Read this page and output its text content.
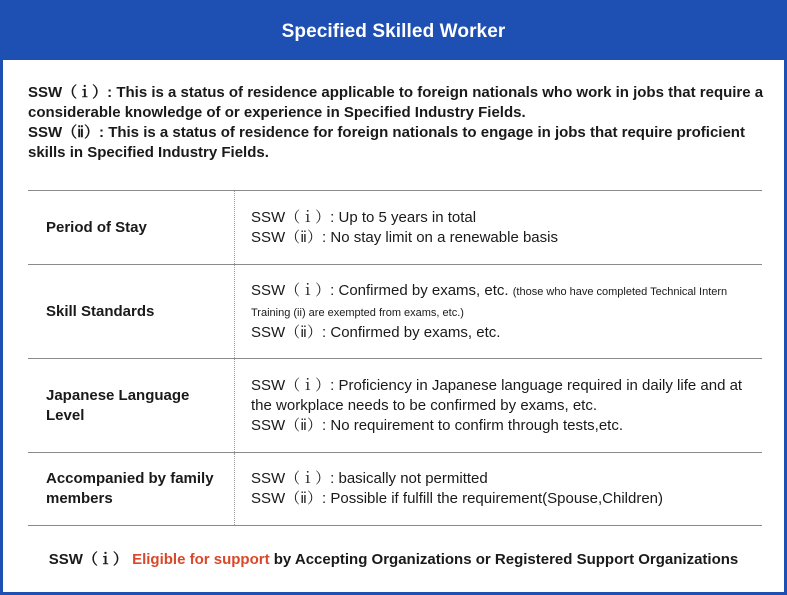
Specified Skilled Worker

SSW（ｉ）: This is a status of residence applicable to foreign nationals who work in jobs that require a considerable knowledge of or experience in Specified Industry Fields.

SSW（ⅱ）: This is a status of residence for foreign nationals to engage in jobs that require proficient skills in Specified Industry Fields.

Period of Stay
SSW（ｉ）: Up to 5 years in total
SSW（ⅱ）: No stay limit on a renewable basis
Skill Standards
SSW（ｉ）: Confirmed by exams, etc. (those who have completed Technical Intern Training (ii) are exempted from exams, etc.)
SSW（ⅱ）: Confirmed by exams, etc.
Japanese Language Level
SSW（ｉ）: Proficiency in Japanese language required in daily life and at the workplace needs to be confirmed by exams, etc.
SSW（ⅱ）: No requirement to confirm through tests,etc.
Accompanied by family members
SSW（ｉ）: basically not permitted
SSW（ⅱ）: Possible if fulfill the requirement(Spouse,Children)
SSW（ｉ） Eligible for support by Accepting Organizations or Registered Support Organizations
